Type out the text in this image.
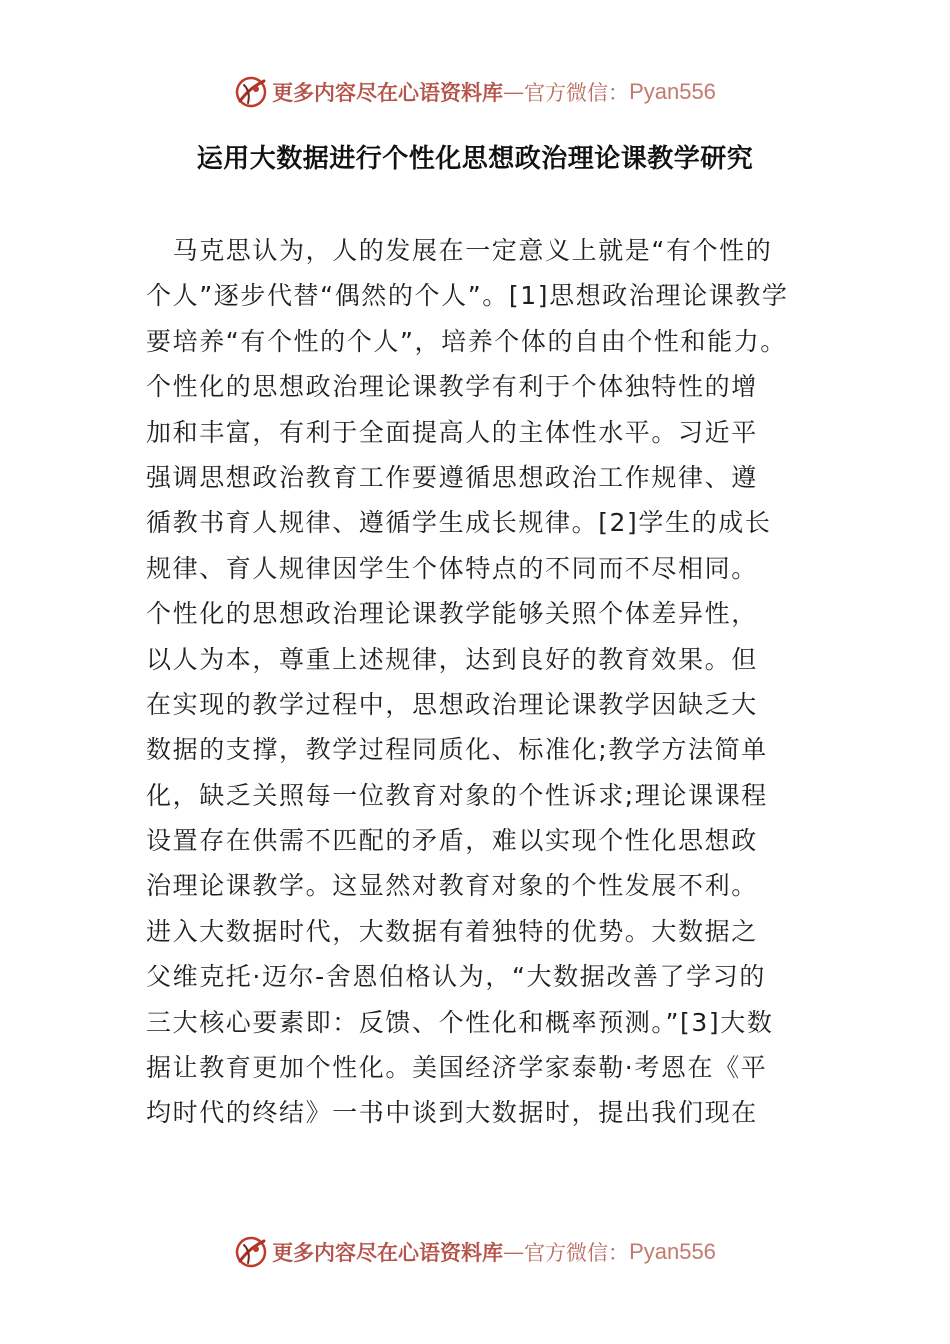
更多内容尽在心语资料库 — 官方微信： Pyan556
运用大数据进行个性化思想政治理论课教学研究
　马克思认为，人的发展在一定意义上就是“有个性的
个人”逐步代替“偶然的个人”。[1]思想政治理论课教学
要培养“有个性的个人”，培养个体的自由个性和能力。
个性化的思想政治理论课教学有利于个体独特性的增
加和丰富，有利于全面提高人的主体性水平。习近平
强调思想政治教育工作要遵循思想政治工作规律、遵
循教书育人规律、遵循学生成长规律。[2]学生的成长
规律、育人规律因学生个体特点的不同而不尽相同。
个性化的思想政治理论课教学能够关照个体差异性，
以人为本，尊重上述规律，达到良好的教育效果。但
在实现的教学过程中，思想政治理论课教学因缺乏大
数据的支撑，教学过程同质化、标准化;教学方法简单
化，缺乏关照每一位教育对象的个性诉求;理论课课程
设置存在供需不匹配的矛盾，难以实现个性化思想政
治理论课教学。这显然对教育对象的个性发展不利。
进入大数据时代，大数据有着独特的优势。大数据之
父维克托·迈尔-舍恩伯格认为，“大数据改善了学习的
三大核心要素即：反馈、个性化和概率预测。”[3]大数
据让教育更加个性化。美国经济学家泰勒·考恩在《平
均时代的终结》一书中谈到大数据时，提出我们现在
更多内容尽在心语资料库 — 官方微信： Pyan556
